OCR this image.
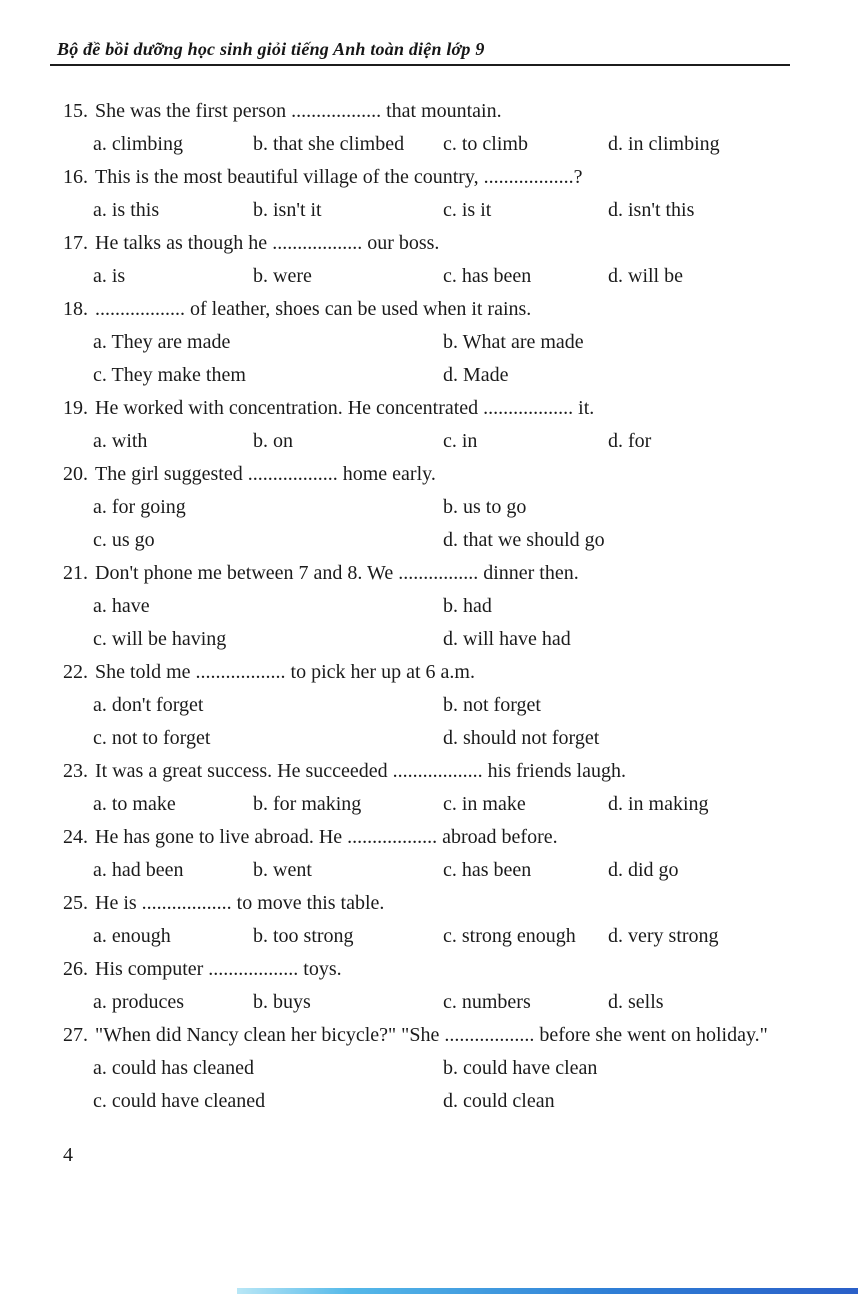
Bộ đề bồi dưỡng học sinh giỏi tiếng Anh toàn diện lớp 9

15. She was the first person .................. that mountain.

a. climbing	b. that she climbed	c. to climb	d. in climbing

16. This is the most beautiful village of the country, ..................?

a. is this	b. isn't it	c. is it	d. isn't this

17. He talks as though he .................. our boss.

a. is	b. were	c. has been	d. will be

18. .................. of leather, shoes can be used when it rains.

a. They are made	b. What are made
c. They make them	d. Made

19. He worked with concentration. He concentrated .................. it.

a. with	b. on	c. in	d. for

20. The girl suggested .................. home early.

a. for going	b. us to go
c. us go	d. that we should go

21. Don't phone me between 7 and 8. We ................ dinner then.

a. have	b. had
c. will be having	d. will have had

22. She told me .................. to pick her up at 6 a.m.

a. don't forget	b. not forget
c. not to forget	d. should not forget

23. It was a great success. He succeeded .................. his friends laugh.

a. to make	b. for making	c. in make	d. in making

24. He has gone to live abroad. He .................. abroad before.

a. had been	b. went	c. has been	d. did go

25. He is .................. to move this table.

a. enough	b. too strong	c. strong enough	d. very strong

26. His computer .................. toys.

a. produces	b. buys	c. numbers	d. sells

27. "When did Nancy clean her bicycle?" "She .................. before she went on holiday."

a. could has cleaned	b. could have clean
c. could have cleaned	d. could clean
4
